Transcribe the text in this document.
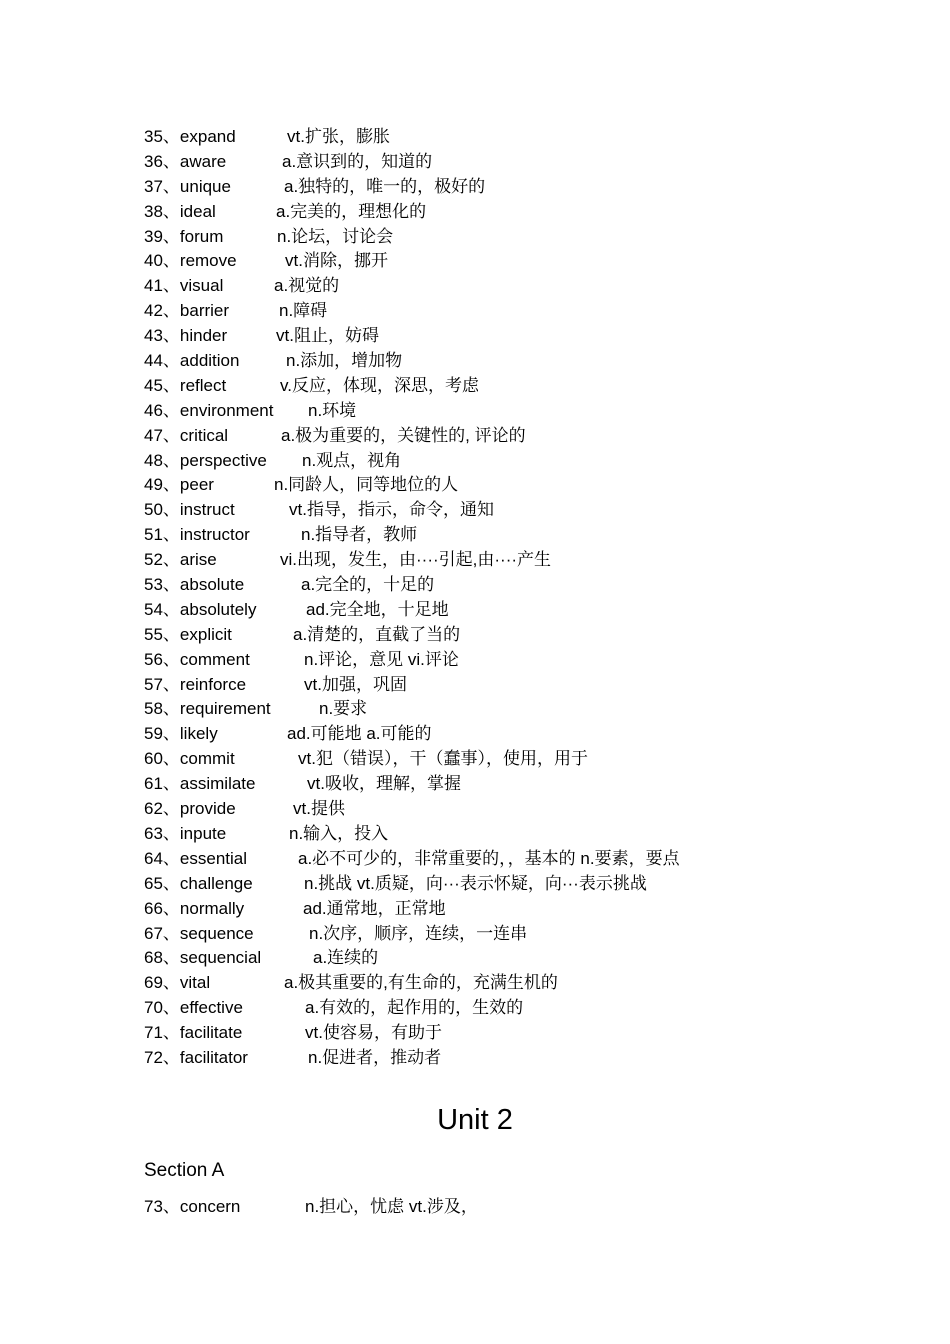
35、expand	vt.扩张，膨胀
36、aware	a.意识到的，知道的
37、unique	a.独特的，唯一的，极好的
38、ideal	a.完美的，理想化的
39、forum	n.论坛，讨论会
40、remove	vt.消除，挪开
41、visual	a.视觉的
42、barrier	n.障碍
43、hinder	vt.阻止，妨碍
44、addition	n.添加，增加物
45、reflect	v.反应，体现，深思，考虑
46、environment n.环境
47、critical	a.极为重要的，关键性的, 评论的
48、perspective n.观点，视角
49、peer	n.同龄人，同等地位的人
50、instruct	vt.指导，指示，命令，通知
51、instructor	n.指导者，教师
52、arise	vi.出现，发生，由····引起,由····产生
53、absolute	a.完全的，十足的
54、absolutely	ad.完全地，十足地
55、explicit	a.清楚的，直截了当的
56、comment	n.评论，意见 vi.评论
57、reinforce	vt.加强，巩固
58、requirement	n.要求
59、likely	ad.可能地 a.可能的
60、commit	vt.犯（错误），干（蠢事），使用，用于
61、assimilate	vt.吸收，理解，掌握
62、provide	vt.提供
63、inpute	n.输入，投入
64、essential	a.必不可少的，非常重要的，，基本的 n.要素，要点
65、challenge	n.挑战 vt.质疑，向···表示怀疑，向···表示挑战
66、normally	ad.通常地，正常地
67、sequence	n.次序，顺序，连续，一连串
68、sequencial	a.连续的
69、vital	a.极其重要的,有生命的，充满生机的
70、effective	a.有效的，起作用的，生效的
71、facilitate	vt.使容易，有助于
72、facilitator	n.促进者，推动者
Unit 2
Section A
73、concern	n.担心，忧虑 vt.涉及，
